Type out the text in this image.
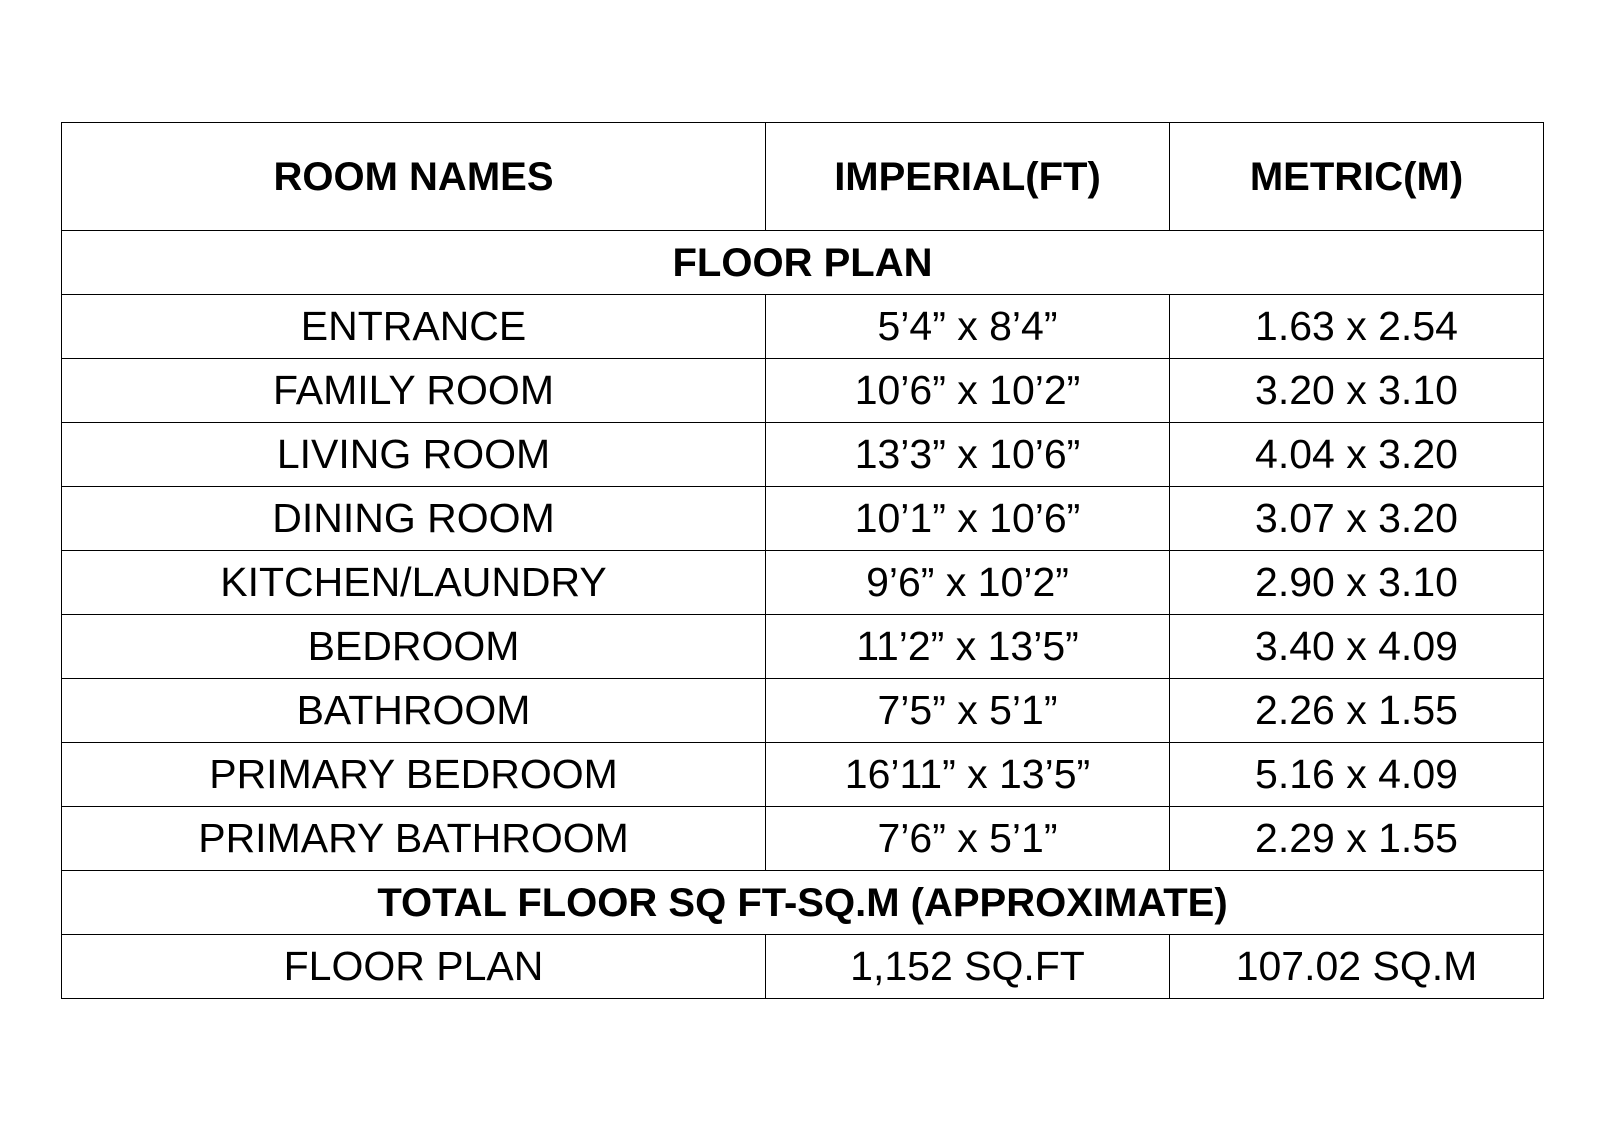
ROOM NAMES	IMPERIAL(FT)	METRIC(M)
FLOOR PLAN		
ENTRANCE	5’4” x 8’4”	1.63 x 2.54
FAMILY ROOM	10’6” x 10’2”	3.20 x 3.10
LIVING ROOM	13’3” x 10’6”	4.04 x 3.20
DINING ROOM	10’1” x 10’6”	3.07 x 3.20
KITCHEN/LAUNDRY	9’6” x 10’2”	2.90 x 3.10
BEDROOM	11’2” x 13’5”	3.40 x 4.09
BATHROOM	7’5” x 5’1”	2.26 x 1.55
PRIMARY BEDROOM	16’11” x 13’5”	5.16 x 4.09
PRIMARY BATHROOM	7’6” x 5’1”	2.29 x 1.55
TOTAL FLOOR SQ FT-SQ.M (APPROXIMATE)		
FLOOR PLAN	1,152 SQ.FT	107.02 SQ.M
